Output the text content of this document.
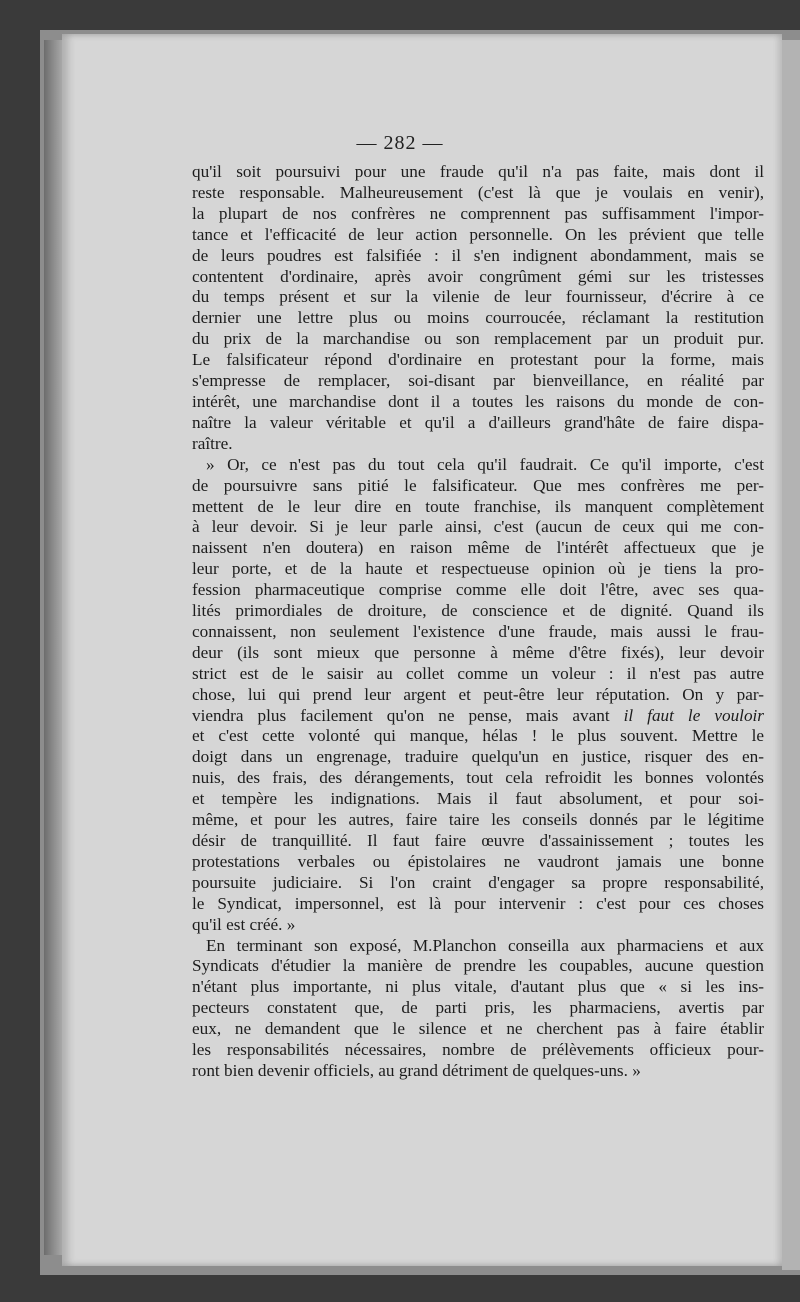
— 282 —
qu'il soit poursuivi pour une fraude qu'il n'a pas faite, mais dont il
reste responsable. Malheureusement (c'est là que je voulais en venir),
la plupart de nos confrères ne comprennent pas suffisamment l'impor-
tance et l'efficacité de leur action personnelle. On les prévient que telle
de leurs poudres est falsifiée : il s'en indignent abondamment, mais se
contentent d'ordinaire, après avoir congrûment gémi sur les tristesses
du temps présent et sur la vilenie de leur fournisseur, d'écrire à ce
dernier une lettre plus ou moins courroucée, réclamant la restitution
du prix de la marchandise ou son remplacement par un produit pur.
Le falsificateur répond d'ordinaire en protestant pour la forme, mais
s'empresse de remplacer, soi-disant par bienveillance, en réalité par
intérêt, une marchandise dont il a toutes les raisons du monde de con-
naître la valeur véritable et qu'il a d'ailleurs grand'hâte de faire dispa-
raître.
» Or, ce n'est pas du tout cela qu'il faudrait. Ce qu'il importe, c'est
de poursuivre sans pitié le falsificateur. Que mes confrères me per-
mettent de le leur dire en toute franchise, ils manquent complètement
à leur devoir. Si je leur parle ainsi, c'est (aucun de ceux qui me con-
naissent n'en doutera) en raison même de l'intérêt affectueux que je
leur porte, et de la haute et respectueuse opinion où je tiens la pro-
fession pharmaceutique comprise comme elle doit l'être, avec ses qua-
lités primordiales de droiture, de conscience et de dignité. Quand ils
connaissent, non seulement l'existence d'une fraude, mais aussi le frau-
deur (ils sont mieux que personne à même d'être fixés), leur devoir
strict est de le saisir au collet comme un voleur : il n'est pas autre
chose, lui qui prend leur argent et peut-être leur réputation. On y par-
viendra plus facilement qu'on ne pense, mais avant il faut le vouloir
et c'est cette volonté qui manque, hélas ! le plus souvent. Mettre le
doigt dans un engrenage, traduire quelqu'un en justice, risquer des en-
nuis, des frais, des dérangements, tout cela refroidit les bonnes volontés
et tempère les indignations. Mais il faut absolument, et pour soi-
même, et pour les autres, faire taire les conseils donnés par le légitime
désir de tranquillité. Il faut faire œuvre d'assainissement ; toutes les
protestations verbales ou épistolaires ne vaudront jamais une bonne
poursuite judiciaire. Si l'on craint d'engager sa propre responsabilité,
le Syndicat, impersonnel, est là pour intervenir : c'est pour ces choses
qu'il est créé. »
En terminant son exposé, M.Planchon conseilla aux pharmaciens et aux
Syndicats d'étudier la manière de prendre les coupables, aucune question
n'étant plus importante, ni plus vitale, d'autant plus que « si les ins-
pecteurs constatent que, de parti pris, les pharmaciens, avertis par
eux, ne demandent que le silence et ne cherchent pas à faire établir
les responsabilités nécessaires, nombre de prélèvements officieux pour-
ront bien devenir officiels, au grand détriment de quelques-uns. »
